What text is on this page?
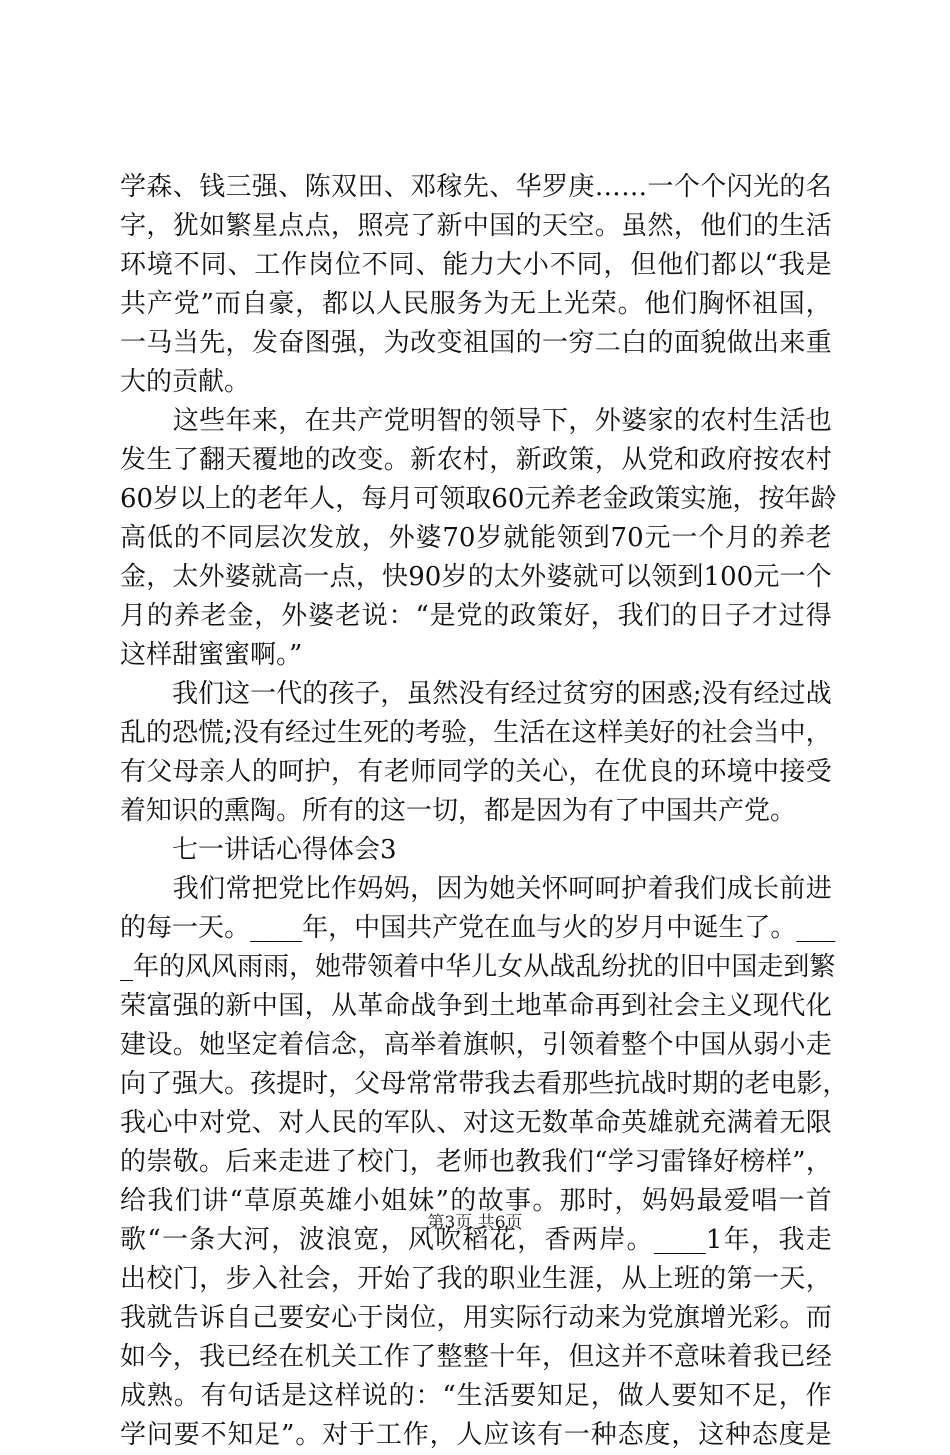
学 森 、 钱 三 强 、 陈 双 田 、 邓 稼 先 、 华 罗 庚 … … 一 个 个 闪 光 的 名
字 ， 犹 如 繁 星 点 点 ， 照 亮 了 新 中 国 的 天 空 。 虽 然 ， 他 们 的 生 活
环 境 不 同 、 工 作 岗 位 不 同 、 能 力 大 小 不 同 ， 但 他 们 都 以 “ 我 是
共 产 党 ” 而 自 豪 ， 都 以 人 民 服 务 为 无 上 光 荣 。 他 们 胸 怀 祖 国 ，
一 马 当 先 ， 发 奋 图 强 ， 为 改 变 祖 国 的 一 穷 二 白 的 面 貌 做 出 来 重
大的贡献。

这 些 年 来 ， 在 共 产 党 明 智 的 领 导 下 ， 外 婆 家 的 农 村 生 活 也
发 生 了 翻 天 覆 地 的 改 变 。 新 农 村 ， 新 政 策 ， 从 党 和 政 府 按 农 村
60 岁 以 上 的 老 年 人 ， 每 月 可 领 取 60 元 养 老 金 政 策 实 施 ， 按 年 龄
高 低 的 不 同 层 次 发 放 ， 外 婆 70 岁 就 能 领 到 70 元 一 个 月 的 养 老
金 ， 太 外 婆 就 高 一 点 ， 快 90 岁 的 太 外 婆 就 可 以 领 到 100 元 一 个
月 的 养 老 金 ， 外 婆 老 说 ： “ 是 党 的 政 策 好 ， 我 们 的 日 子 才 过 得
这样甜蜜蜜啊。”

我 们 这 一 代 的 孩 子 ， 虽 然 没 有 经 过 贫 穷 的 困 惑 ; 没 有 经 过 战
乱 的 恐 慌 ; 没 有 经 过 生 死 的 考 验 ， 生 活 在 这 样 美 好 的 社 会 当 中 ，
有 父 母 亲 人 的 呵 护 ， 有 老 师 同 学 的 关 心 ， 在 优 良 的 环 境 中 接 受
着知识的熏陶。所有的这一切，都是因为有了中国共产党。
　　七一讲话心得体会3

我 们 常 把 党 比 作 妈 妈 ， 因 为 她 关 怀 呵 呵 护 着 我 们 成 长 前 进
的 每 一 天 。 ____ 年 ， 中 国 共 产 党 在 血 与 火 的 岁 月 中 诞 生 了 。 ___
_ 年 的 风 风 雨 雨 ， 她 带 领 着 中 华 儿 女 从 战 乱 纷 扰 的 旧 中 国 走 到 繁
荣 富 强 的 新 中 国 ， 从 革 命 战 争 到 土 地 革 命 再 到 社 会 主 义 现 代 化
建 设 。 她 坚 定 着 信 念 ， 高 举 着 旗 帜 ， 引 领 着 整 个 中 国 从 弱 小 走
向 了 强 大 。 孩 提 时 ， 父 母 常 常 带 我 去 看 那 些 抗 战 时 期 的 老 电 影 ，
我 心 中 对 党 、 对 人 民 的 军 队 、 对 这 无 数 革 命 英 雄 就 充 满 着 无 限
的 崇 敬 。 后 来 走 进 了 校 门 ， 老 师 也 教 我 们 “ 学 习 雷 锋 好 榜 样 ” ，
给 我 们 讲 “ 草 原 英 雄 小 姐 妹 ” 的 故 事 。 那 时 ， 妈 妈 最 爱 唱 一 首
歌 “ 一 条 大 河 ， 波 浪 宽 ， 风 吹 稻 花 ， 香 两 岸 。 ____1 年 ， 我 走
出 校 门 ， 步 入 社 会 ， 开 始 了 我 的 职 业 生 涯 ， 从 上 班 的 第 一 天 ，
我 就 告 诉 自 己 要 安 心 于 岗 位 ， 用 实 际 行 动 来 为 党 旗 增 光 彩 。 而
如 今 ， 我 已 经 在 机 关 工 作 了 整 整 十 年 ， 但 这 并 不 意 味 着 我 已 经
成 熟 。 有 句 话 是 这 样 说 的 ： “ 生 活 要 知 足 ， 做 人 要 知 不 足 ， 作
学 问 要 不 知 足 ” 。 对 于 工 作 ， 人 应 该 有 一 种 态 度 ， 这 种 态 度 是
第3页 共6页
